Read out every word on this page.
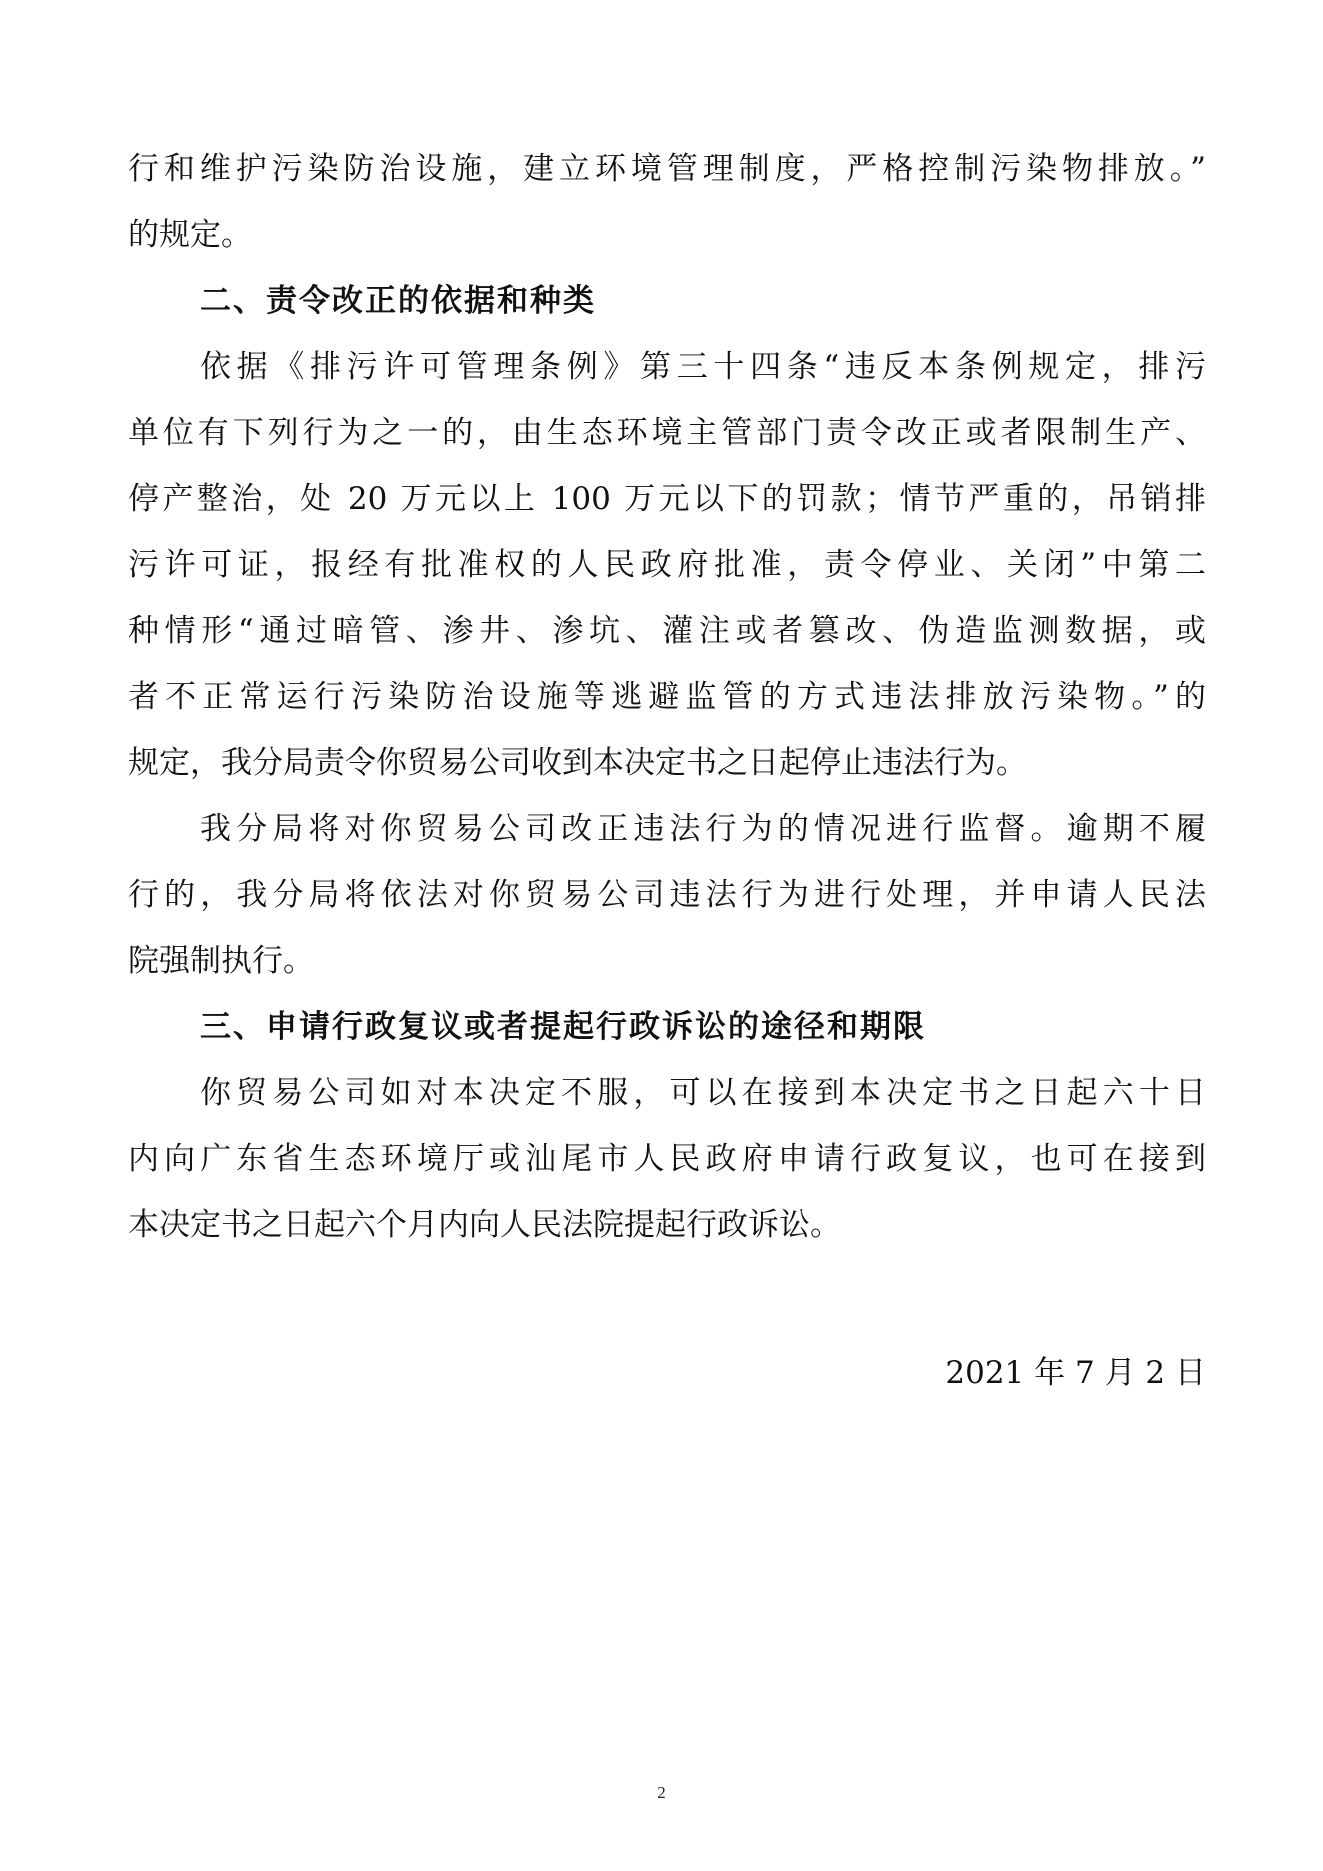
行和维护污染防治设施，建立环境管理制度，严格控制污染物排放。”
的规定。
二、责令改正的依据和种类
依据《排污许可管理条例》第三十四条“违反本条例规定，排污
单位有下列行为之一的，由生态环境主管部门责令改正或者限制生产、
停产整治，处 20 万元以上 100 万元以下的罚款；情节严重的，吊销排
污许可证，报经有批准权的人民政府批准，责令停业、关闭”中第二
种情形“通过暗管、渗井、渗坑、灌注或者篡改、伪造监测数据，或
者不正常运行污染防治设施等逃避监管的方式违法排放污染物。”的
规定，我分局责令你贸易公司收到本决定书之日起停止违法行为。
我分局将对你贸易公司改正违法行为的情况进行监督。逾期不履
行的，我分局将依法对你贸易公司违法行为进行处理，并申请人民法
院强制执行。
三、申请行政复议或者提起行政诉讼的途径和期限
你贸易公司如对本决定不服，可以在接到本决定书之日起六十日
内向广东省生态环境厅或汕尾市人民政府申请行政复议，也可在接到
本决定书之日起六个月内向人民法院提起行政诉讼。
2021 年 7 月 2 日
2
